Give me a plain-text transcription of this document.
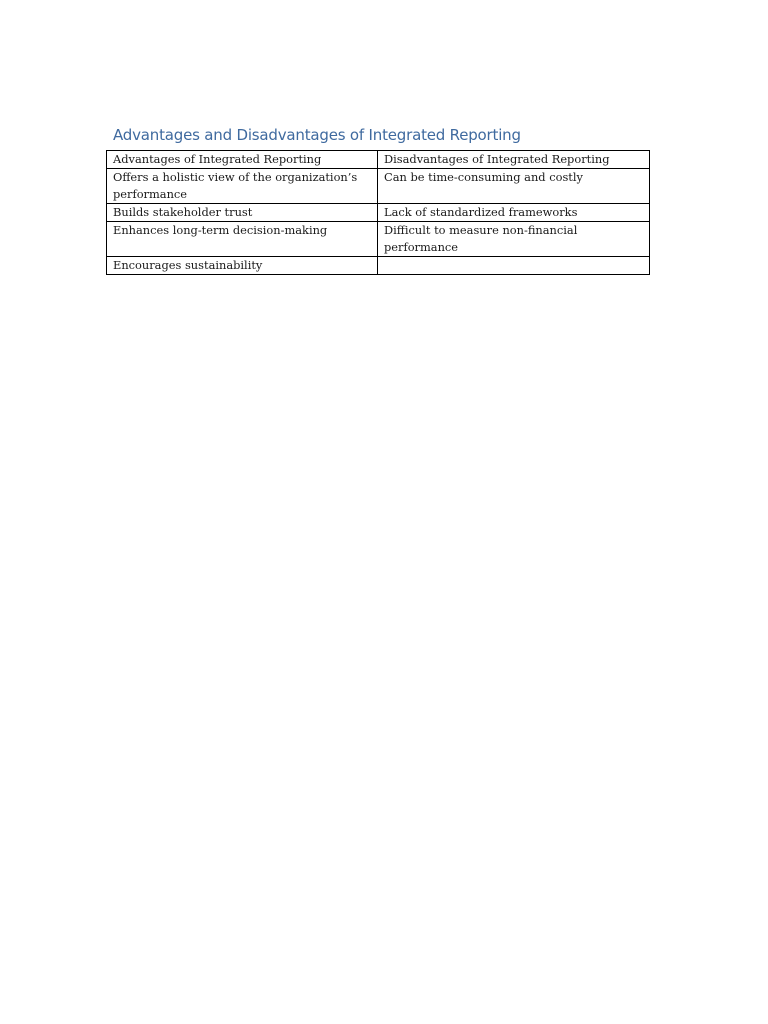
Advantages and Disadvantages of Integrated Reporting
Advantages of Integrated Reporting	Disadvantages of Integrated Reporting
Offers a holistic view of the organization’s performance	Can be time-consuming and costly
Builds stakeholder trust	Lack of standardized frameworks
Enhances long-term decision-making	Difficult to measure non-financial performance
Encourages sustainability	
